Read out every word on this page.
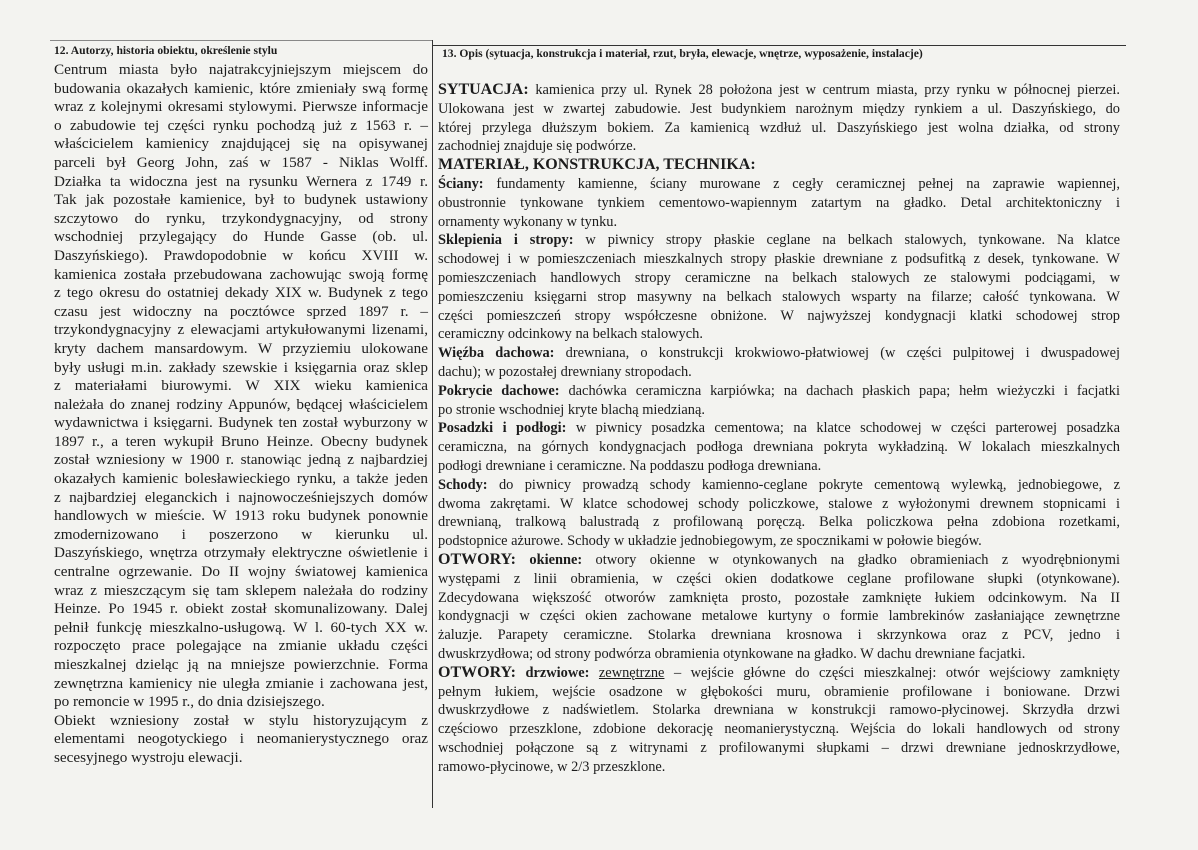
12. Autorzy, historia obiektu, określenie stylu
Centrum miasta było najatrakcyjniejszym miejscem do
budowania okazałych kamienic, które zmieniały swą formę
wraz z kolejnymi okresami stylowymi. Pierwsze informacje
o zabudowie tej części rynku pochodzą już z 1563 r. –
właścicielem kamienicy znajdującej się na opisywanej
parceli był Georg John, zaś w 1587 - Niklas Wolff.
Działka ta widoczna jest na rysunku Wernera z 1749 r.
Tak jak pozostałe kamienice, był to budynek ustawiony
szczytowo do rynku, trzykondygnacyjny, od strony
wschodniej przylegający do Hunde Gasse (ob. ul.
Daszyńskiego). Prawdopodobnie w końcu XVIII w.
kamienica została przebudowana zachowując swoją formę
z tego okresu do ostatniej dekady XIX w. Budynek z tego
czasu jest widoczny na pocztówce sprzed 1897 r. –
trzykondygnacyjny z elewacjami artykułowanymi lizenami,
kryty dachem mansardowym. W przyziemiu ulokowane
były usługi m.in. zakłady szewskie i księgarnia oraz sklep
z materiałami biurowymi. W XIX wieku kamienica
należała do znanej rodziny Appunów, będącej właścicielem
wydawnictwa i księgarni. Budynek ten został wyburzony w
1897 r., a teren wykupił Bruno Heinze. Obecny budynek
został wzniesiony w 1900 r. stanowiąc jedną z najbardziej
okazałych kamienic bolesławieckiego rynku, a także jeden
z najbardziej eleganckich i najnowocześniejszych domów
handlowych w mieście. W 1913 roku budynek ponownie
zmodernizowano i poszerzono w kierunku ul.
Daszyńskiego, wnętrza otrzymały elektryczne oświetlenie i
centralne ogrzewanie. Do II wojny światowej kamienica
wraz z mieszczącym się tam sklepem należała do rodziny
Heinze. Po 1945 r. obiekt został skomunalizowany. Dalej
pełnił funkcję mieszkalno-usługową. W l. 60-tych XX w.
rozpoczęto prace polegające na zmianie układu części
mieszkalnej dzieląc ją na mniejsze powierzchnie. Forma
zewnętrzna kamienicy nie uległa zmianie i zachowana jest,
po remoncie w 1995 r., do dnia dzisiejszego.
Obiekt wzniesiony został w stylu historyzującym z
elementami neogotyckiego i neomanierystycznego oraz
secesyjnego wystroju elewacji.
13. Opis (sytuacja, konstrukcja i materiał, rzut, bryła, elewacje, wnętrze, wyposażenie, instalacje)
SYTUACJA: kamienica przy ul. Rynek 28 położona jest w centrum miasta, przy rynku w północnej pierzei.
Ulokowana jest w zwartej zabudowie. Jest budynkiem narożnym między rynkiem a ul. Daszyńskiego, do
której przylega dłuższym bokiem. Za kamienicą wzdłuż ul. Daszyńskiego jest wolna działka, od strony
zachodniej znajduje się podwórze.
MATERIAŁ, KONSTRUKCJA, TECHNIKA:
Ściany: fundamenty kamienne, ściany murowane z cegły ceramicznej pełnej na zaprawie wapiennej,
obustronnie tynkowane tynkiem cementowo-wapiennym zatartym na gładko. Detal architektoniczny i
ornamenty wykonany w tynku.
Sklepienia i stropy: w piwnicy stropy płaskie ceglane na belkach stalowych, tynkowane. Na klatce
schodowej i w pomieszczeniach mieszkalnych stropy płaskie drewniane z podsufitką z desek, tynkowane. W
pomieszczeniach handlowych stropy ceramiczne na belkach stalowych ze stalowymi podciągami, w
pomieszczeniu księgarni strop masywny na belkach stalowych wsparty na filarze; całość tynkowana. W
części pomieszczeń stropy współczesne obniżone. W najwyższej kondygnacji klatki schodowej strop
ceramiczny odcinkowy na belkach stalowych.
Więźba dachowa: drewniana, o konstrukcji krokwiowo-płatwiowej (w części pulpitowej i dwuspadowej
dachu); w pozostałej drewniany stropodach.
Pokrycie dachowe: dachówka ceramiczna karpiówka; na dachach płaskich papa; hełm wieżyczki i facjatki
po stronie wschodniej kryte blachą miedzianą.
Posadzki i podłogi: w piwnicy posadzka cementowa; na klatce schodowej w części parterowej posadzka
ceramiczna, na górnych kondygnacjach podłoga drewniana pokryta wykładziną. W lokalach mieszkalnych
podłogi drewniane i ceramiczne. Na poddaszu podłoga drewniana.
Schody: do piwnicy prowadzą schody kamienno-ceglane pokryte cementową wylewką, jednobiegowe, z
dwoma zakrętami. W klatce schodowej schody policzkowe, stalowe z wyłożonymi drewnem stopnicami i
drewnianą, tralkową balustradą z profilowaną poręczą. Belka policzkowa pełna zdobiona rozetkami,
podstopnice ażurowe. Schody w układzie jednobiegowym, ze spocznikami w połowie biegów.
OTWORY: okienne: otwory okienne w otynkowanych na gładko obramieniach z wyodrębnionymi
występami z linii obramienia, w części okien dodatkowe ceglane profilowane słupki (otynkowane).
Zdecydowana większość otworów zamknięta prosto, pozostałe zamknięte łukiem odcinkowym. Na II
kondygnacji w części okien zachowane metalowe kurtyny o formie lambrekinów zasłaniające zewnętrzne
żaluzje. Parapety ceramiczne. Stolarka drewniana krosnowa i skrzynkowa oraz z PCV, jedno i
dwuskrzydłowa; od strony podwórza obramienia otynkowane na gładko. W dachu drewniane facjatki.
OTWORY: drzwiowe: zewnętrzne – wejście główne do części mieszkalnej: otwór wejściowy zamknięty
pełnym łukiem, wejście osadzone w głębokości muru, obramienie profilowane i boniowane. Drzwi
dwuskrzydłowe z nadświetlem. Stolarka drewniana w konstrukcji ramowo-płycinowej. Skrzydła drzwi
częściowo przeszklone, zdobione dekorację neomanierystyczną. Wejścia do lokali handlowych od strony
wschodniej połączone są z witrynami z profilowanymi słupkami – drzwi drewniane jednoskrzydłowe,
ramowo-płycinowe, w 2/3 przeszklone.
